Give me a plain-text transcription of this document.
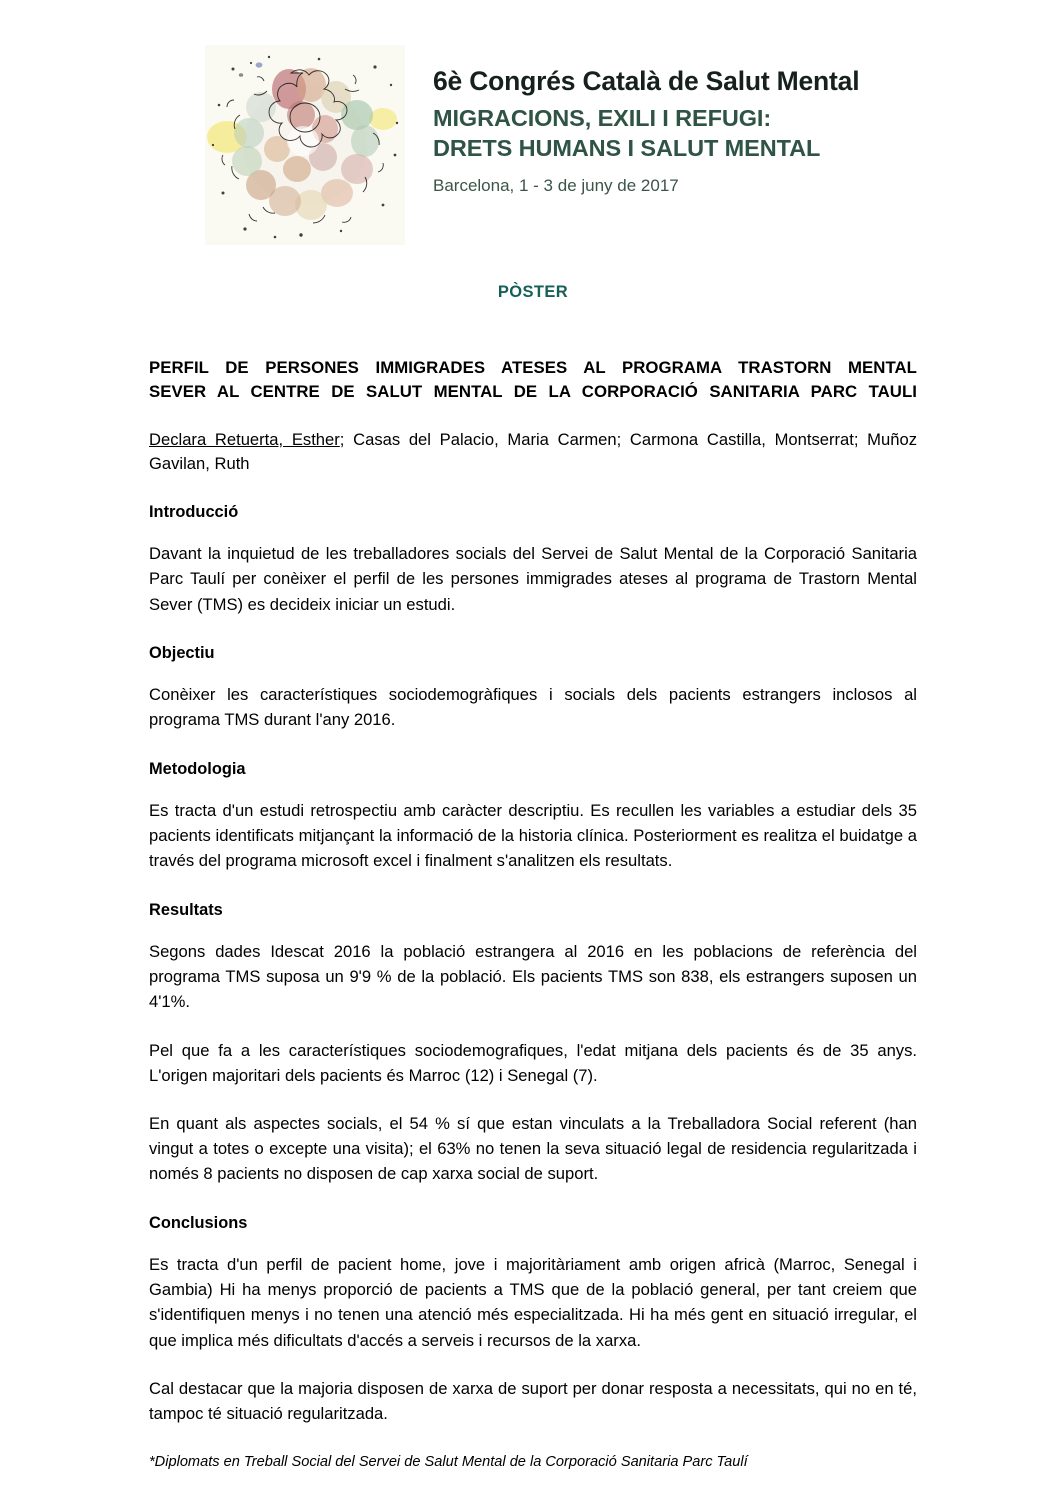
6è Congrés Català de Salut Mental
MIGRACIONS, EXILI I REFUGI:
DRETS HUMANS I SALUT MENTAL
Barcelona, 1 - 3 de juny de 2017
PÒSTER
PERFIL DE PERSONES IMMIGRADES ATESES AL PROGRAMA TRASTORN MENTAL
SEVER AL CENTRE DE SALUT MENTAL DE LA CORPORACIÓ SANITARIA PARC TAULI

Declara Retuerta, Esther; Casas del Palacio, Maria Carmen; Carmona Castilla, Montserrat; Muñoz Gavilan, Ruth

Introducció

Davant la inquietud de les treballadores socials del Servei de Salut Mental de la Corporació Sanitaria Parc Taulí per conèixer el perfil de les persones immigrades ateses al programa de Trastorn Mental Sever (TMS) es decideix iniciar un estudi.

Objectiu

Conèixer les característiques sociodemogràfiques i socials dels pacients estrangers inclosos al programa TMS durant l'any 2016.

Metodologia

Es tracta d'un estudi retrospectiu amb caràcter descriptiu. Es recullen les variables a estudiar dels 35 pacients identificats mitjançant la informació de la historia clínica. Posteriorment es realitza el buidatge a través del programa microsoft excel i finalment s'analitzen els resultats.

Resultats

Segons dades Idescat 2016 la població estrangera al 2016 en les poblacions de referència del programa TMS suposa un 9'9 % de la població. Els pacients TMS son 838, els estrangers suposen un 4'1%.

Pel que fa a les característiques sociodemografiques, l'edat mitjana dels pacients és de 35 anys. L'origen majoritari dels pacients és Marroc (12) i Senegal (7).

En quant als aspectes socials, el 54 % sí que estan vinculats a la Treballadora Social referent (han vingut a totes o excepte una visita); el 63% no tenen la seva situació legal de residencia regularitzada i només 8 pacients no disposen de cap xarxa social de suport.

Conclusions

Es tracta d'un perfil de pacient home, jove i majoritàriament amb origen africà (Marroc, Senegal i Gambia) Hi ha menys proporció de pacients a TMS que de la població general, per tant creiem que s'identifiquen menys i no tenen una atenció més especialitzada. Hi ha més gent en situació irregular, el que implica més dificultats d'accés a serveis i recursos de la xarxa.

Cal destacar que la majoria disposen de xarxa de suport per donar resposta a necessitats, qui no en té, tampoc té situació regularitzada.

*Diplomats en Treball Social del Servei de Salut Mental de la Corporació Sanitaria Parc Taulí
